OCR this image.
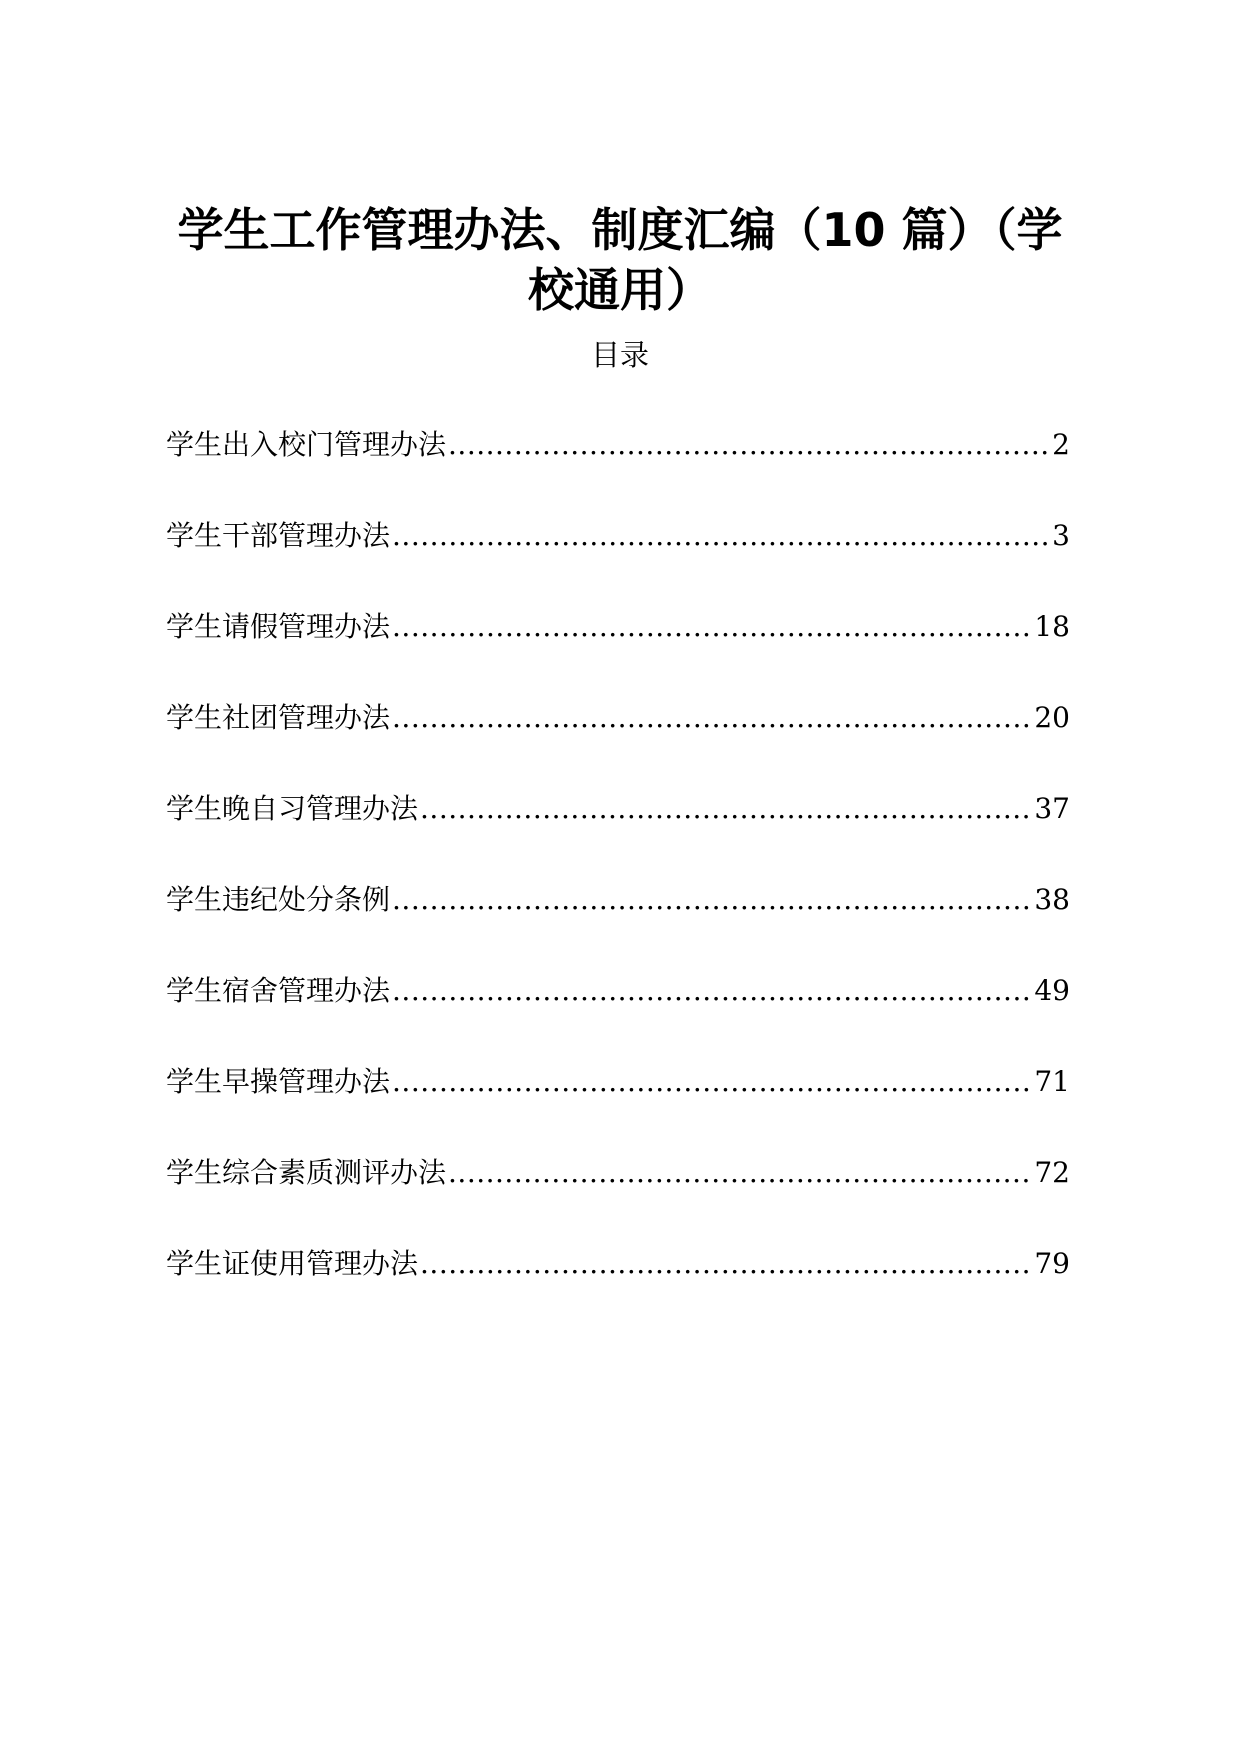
学生工作管理办法、制度汇编（10 篇）（学
校通用）

目录

学生出入校门管理办法 .....	2
学生干部管理办法 .....	3
学生请假管理办法 .....	18
学生社团管理办法 .....	20
学生晚自习管理办法 .....	37
学生违纪处分条例 .....	38
学生宿舍管理办法 .....	49
学生早操管理办法 .....	71
学生综合素质测评办法 .....	72
学生证使用管理办法 .....	79
